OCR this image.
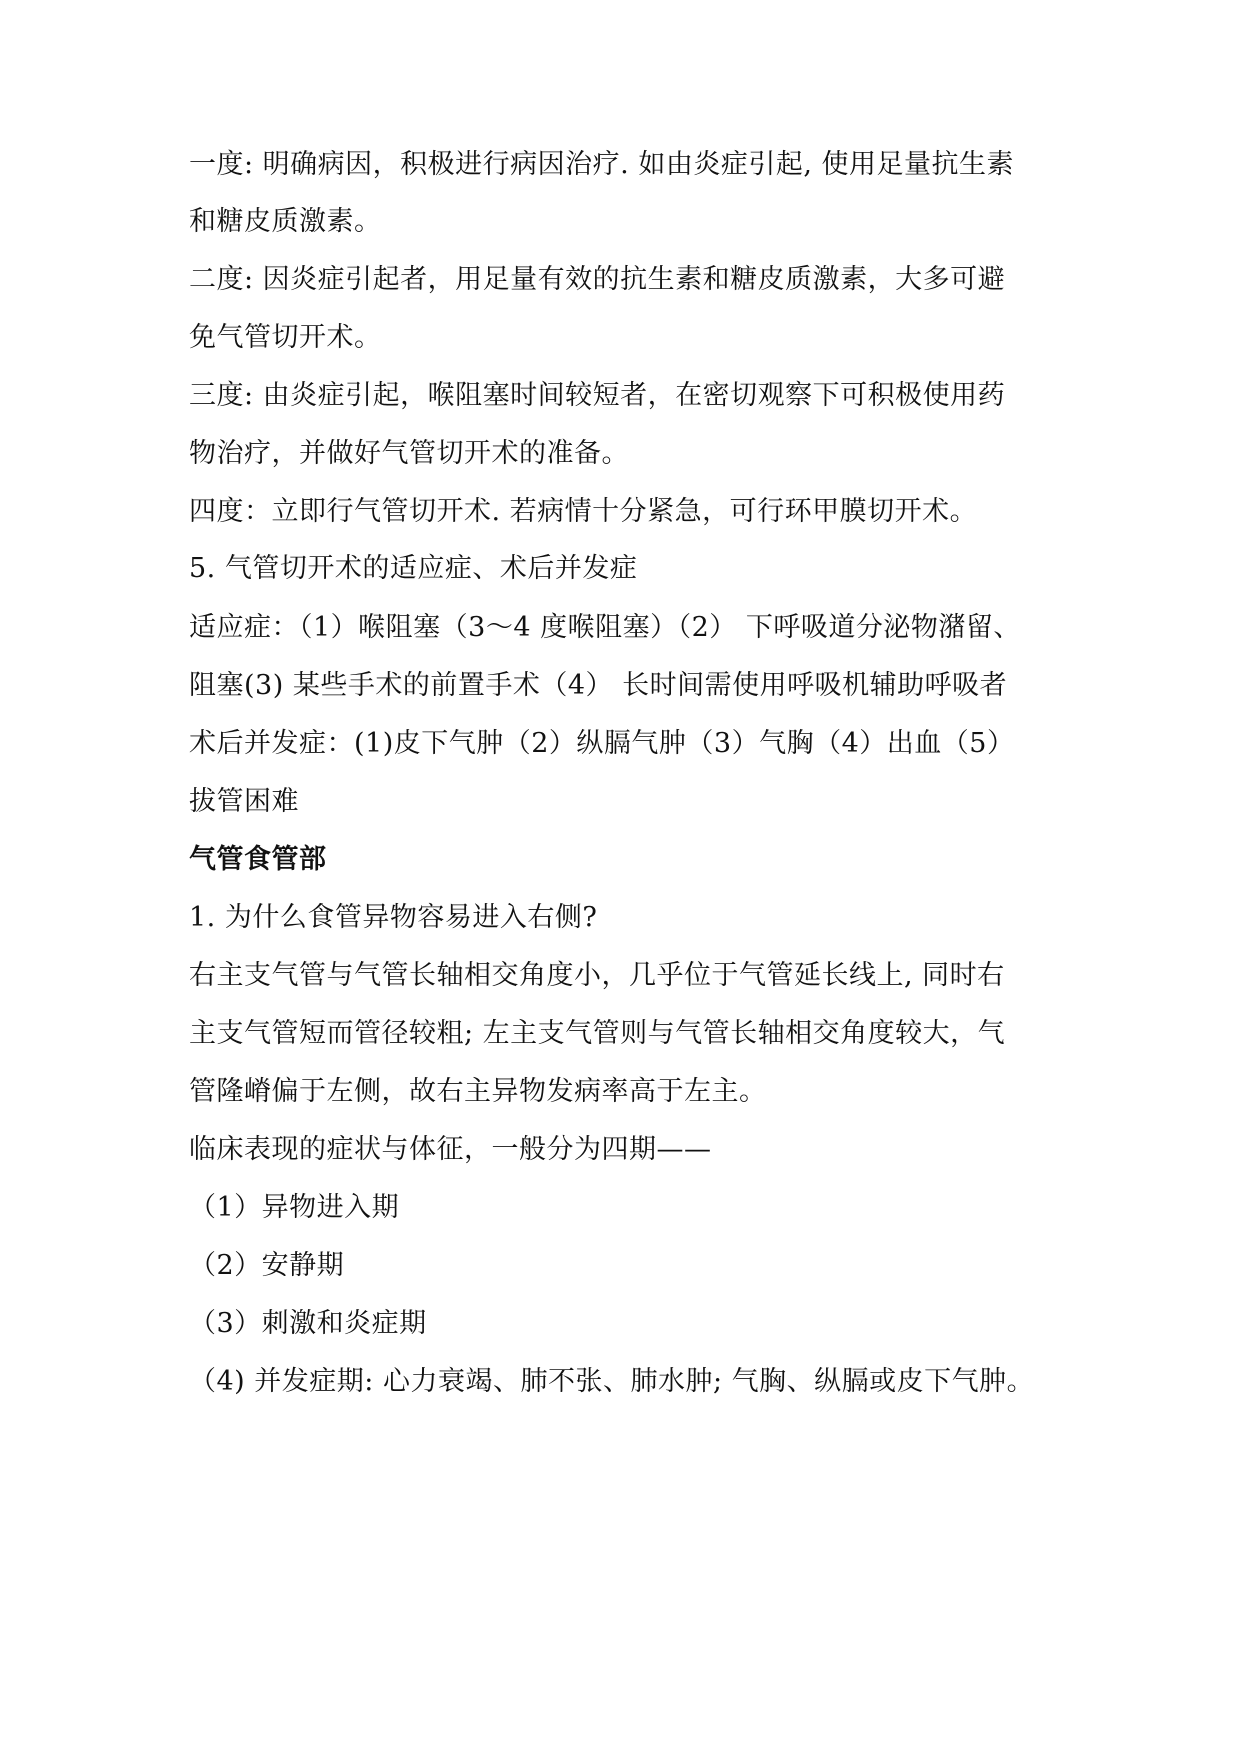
一度: 明确病因，积极进行病因治疗. 如由炎症引起, 使用足量抗生素
和糖皮质激素。
二度: 因炎症引起者，用足量有效的抗生素和糖皮质激素，大多可避
免气管切开术。
三度: 由炎症引起，喉阻塞时间较短者，在密切观察下可积极使用药
物治疗，并做好气管切开术的准备。
四度：立即行气管切开术. 若病情十分紧急，可行环甲膜切开术。
5. 气管切开术的适应症、术后并发症
适应症：（1）喉阻塞（3～4 度喉阻塞）（2） 下呼吸道分泌物潴留、
阻塞(3) 某些手术的前置手术（4） 长时间需使用呼吸机辅助呼吸者
术后并发症：(1)皮下气肿（2）纵膈气肿（3）气胸（4）出血（5）
拔管困难
气管食管部
1. 为什么食管异物容易进入右侧?
右主支气管与气管长轴相交角度小，几乎位于气管延长线上, 同时右
主支气管短而管径较粗; 左主支气管则与气管长轴相交角度较大，气
管隆嵴偏于左侧，故右主异物发病率高于左主。
临床表现的症状与体征，一般分为四期——
（1）异物进入期
（2）安静期
（3）刺激和炎症期
（4) 并发症期: 心力衰竭、肺不张、肺水肿; 气胸、纵膈或皮下气肿。
